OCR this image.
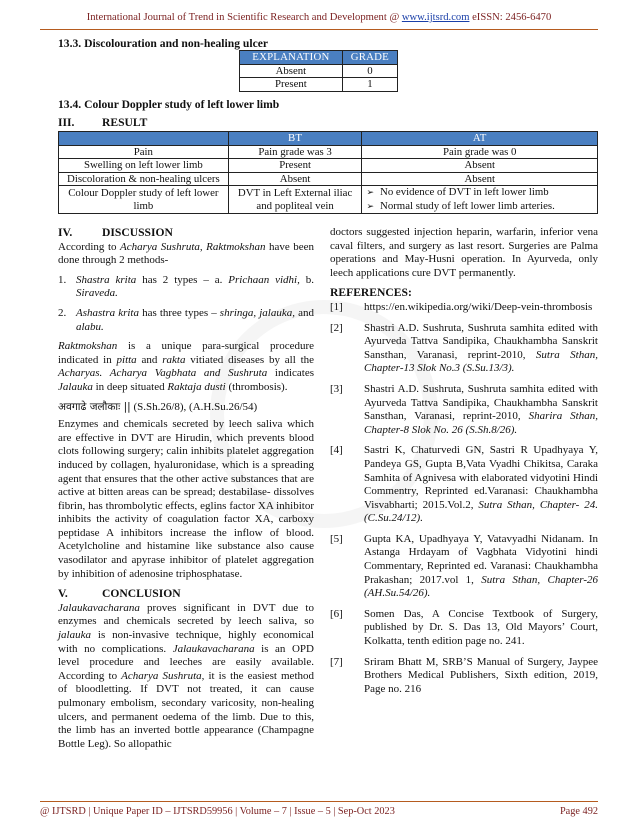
International Journal of Trend in Scientific Research and Development @ www.ijtsrd.com eISSN: 2456-6470
13.3. Discolouration and non-healing ulcer
EXPLANATION	GRADE
Absent	0
Present	1
13.4. Colour Doppler study of left lower limb
III. RESULT
	BT	AT
Pain	Pain grade was 3	Pain grade was 0
Swelling on left lower limb	Present	Absent
Discoloration & non-healing ulcers	Absent	Absent
Colour Doppler study of left lower limb	DVT in Left External iliac and popliteal vein	➢ No evidence of DVT in left lower limb
➢ Normal study of left lower limb arteries.
IV.	DISCUSSION

According to Acharya Sushruta, Raktmokshan have been done through 2 methods-

1. Shastra krita has 2 types – a. Prichaan vidhi, b. Siraveda.
2. Ashastra krita has three types – shringa, jalauka, and alabu.

Raktmokshan is a unique para-surgical procedure indicated in pitta and rakta vitiated diseases by all the Acharyas. Acharya Vagbhata and Sushruta indicates Jalauka in deep situated Raktaja dusti (thrombosis).

अवगाढे जलौकाः || (S.Sh.26/8), (A.H.Su.26/54)

Enzymes and chemicals secreted by leech saliva which are effective in DVT are Hirudin, which prevents blood clots following surgery; calin inhibits platelet aggregation induced by collagen, hyaluronidase, which is a spreading agent that ensures that the other active substances that are active at bitten areas can be spread; destabilase- dissolves fibrin, has thrombolytic effects, eglins factor XA inhibitor inhibits the activity of coagulation factor XA, carboxy peptidase A inhibitors increase the inflow of blood. Acetylcholine and histamine like substance also cause vasodilator and apyrase inhibitor of platelet aggregation by inhibition of adenosine triphosphatase.

V.	CONCLUSION

Jalaukavacharana proves significant in DVT due to enzymes and chemicals secreted by leech saliva, so jalauka is non-invasive technique, highly economical with no complications. Jalaukavacharana is an OPD level procedure and leeches are easily available. According to Acharya Sushruta, it is the easiest method of bloodletting. If DVT not treated, it can cause pulmonary embolism, secondary varicosity, non-healing ulcers, and permanent oedema of the limb. Due to this, the limb has an inverted bottle appearance (Champagne Bottle Leg). So allopathic

doctors suggested injection heparin, warfarin, inferior vena caval filters, and surgery as last resort. Surgeries are Palma operations and May-Husni operation. In Ayurveda, only leech applications cure DVT permanently.

REFERENCES:
[1] https://en.wikipedia.org/wiki/Deep-vein-thrombosis
[2] Shastri A.D. Sushruta, Sushruta samhita edited with Ayurveda Tattva Sandipika, Chaukhambha Sanskrit Sansthan, Varanasi, reprint-2010, Sutra Sthan, Chapter-13 Slok No.3 (S.Su.13/3).
[3] Shastri A.D. Sushruta, Sushruta samhita edited with Ayurveda Tattva Sandipika, Chaukhambha Sanskrit Sansthan, Varanasi, reprint-2010, Sharira Sthan, Chapter-8 Slok No. 26 (S.Sh.8/26).
[4] Sastri K, Chaturvedi GN, Sastri R Upadhyaya Y, Pandeya GS, Gupta B,Vata Vyadhi Chikitsa, Caraka Samhita of Agnivesa with elaborated vidyotini Hindi Commentry, Reprinted ed.Varanasi: Chaukhambha Visvabharti; 2015.Vol.2, Sutra Sthan, Chapter- 24. (C.Su.24/12).
[5] Gupta KA, Upadhyaya Y, Vatavyadhi Nidanam. In Astanga Hrdayam of Vagbhata Vidyotini hindi Commentary, Reprinted ed. Varanasi: Chaukhambha Prakashan; 2017.vol 1, Sutra Sthan, Chapter-26 (AH.Su.54/26).
[6] Somen Das, A Concise Textbook of Surgery, published by Dr. S. Das 13, Old Mayors’ Court, Kolkatta, tenth edition page no. 241.
[7] Sriram Bhatt M, SRB’S Manual of Surgery, Jaypee Brothers Medical Publishers, Sixth edition, 2019, Page no. 216
@ IJTSRD | Unique Paper ID – IJTSRD59956 | Volume – 7 | Issue – 5 | Sep-Oct 2023	Page 492
